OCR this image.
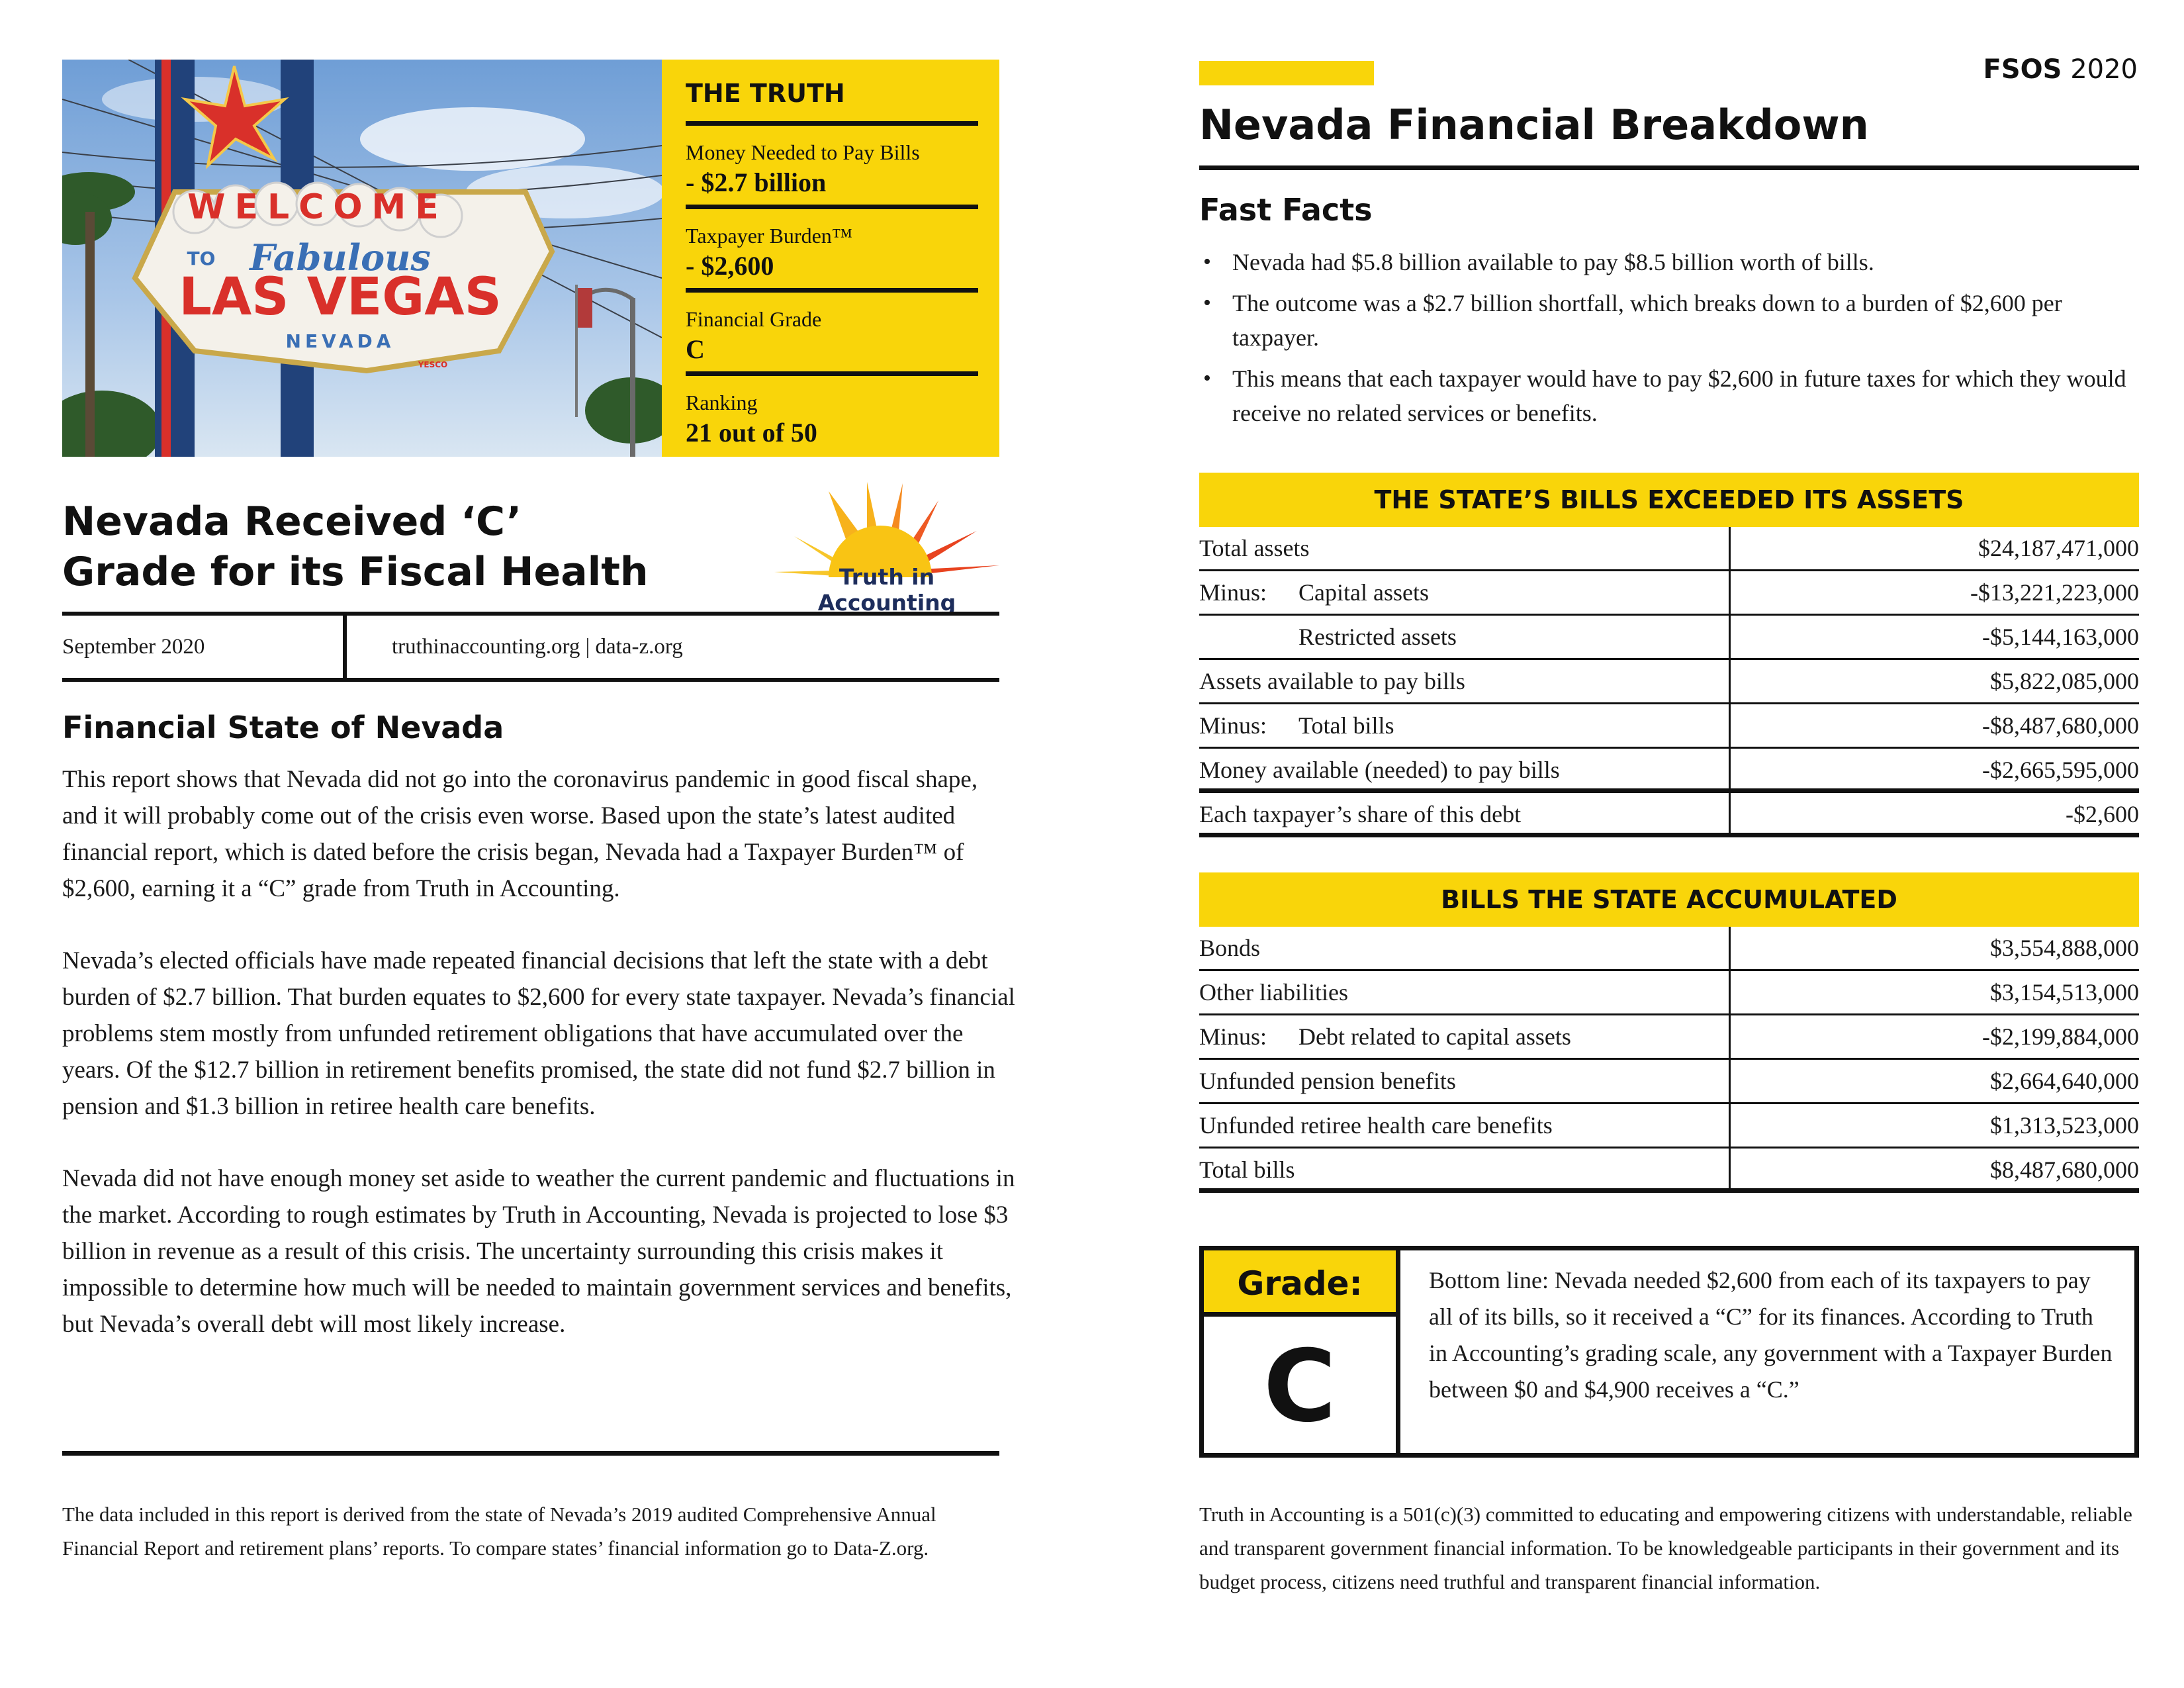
WELCOME
TO Fabulous
LAS VEGAS
NEVADA
YESCO
THE TRUTH
Money Needed to Pay Bills
- $2.7 billion
Taxpayer Burden™
- $2,600
Financial Grade
C
Ranking
21 out of 50
Nevada Received ‘C’
Grade for its Fiscal Health	Truth in Accounting
September 2020	truthinaccounting.org | data-z.org
Financial State of Nevada

This report shows that Nevada did not go into the coronavirus pandemic in good fiscal shape, and it will probably come out of the crisis even worse. Based upon the state’s latest audited financial report, which is dated before the crisis began, Nevada had a Taxpayer Burden™ of $2,600, earning it a “C” grade from Truth in Accounting.

Nevada’s elected officials have made repeated financial decisions that left the state with a debt burden of $2.7 billion. That burden equates to $2,600 for every state taxpayer. Nevada’s financial problems stem mostly from unfunded retirement obligations that have accumulated over the years. Of the $12.7 billion in retirement benefits promised, the state did not fund $2.7 billion in pension and $1.3 billion in retiree health care benefits.

Nevada did not have enough money set aside to weather the current pandemic and fluctuations in the market. According to rough estimates by Truth in Accounting, Nevada is projected to lose $3 billion in revenue as a result of this crisis. The uncertainty surrounding this crisis makes it impossible to determine how much will be needed to maintain government services and benefits, but Nevada’s overall debt will most likely increase.

The data included in this report is derived from the state of Nevada’s 2019 audited Comprehensive Annual Financial Report and retirement plans’ reports. To compare states’ financial information go to Data-Z.org.
FSOS 2020
Nevada Financial Breakdown
Fast Facts
• Nevada had $5.8 billion available to pay $8.5 billion worth of bills.
• The outcome was a $2.7 billion shortfall, which breaks down to a burden of $2,600 per taxpayer.
• This means that each taxpayer would have to pay $2,600 in future taxes for which they would receive no related services or benefits.
THE STATE’S BILLS EXCEEDED ITS ASSETS
Total assets	$24,187,471,000
Minus: Capital assets	-$13,221,223,000
Restricted assets	-$5,144,163,000
Assets available to pay bills	$5,822,085,000
Minus: Total bills	-$8,487,680,000
Money available (needed) to pay bills	-$2,665,595,000
Each taxpayer’s share of this debt	-$2,600
BILLS THE STATE ACCUMULATED
Bonds	$3,554,888,000
Other liabilities	$3,154,513,000
Minus: Debt related to capital assets	-$2,199,884,000
Unfunded pension benefits	$2,664,640,000
Unfunded retiree health care benefits	$1,313,523,000
Total bills	$8,487,680,000
Grade:
C
Bottom line: Nevada needed $2,600 from each of its taxpayers to pay all of its bills, so it received a “C” for its finances. According to Truth in Accounting’s grading scale, any government with a Taxpayer Burden between $0 and $4,900 receives a “C.”
Truth in Accounting is a 501(c)(3) committed to educating and empowering citizens with understandable, reliable and transparent government financial information. To be knowledgeable participants in their government and its budget process, citizens need truthful and transparent financial information.
